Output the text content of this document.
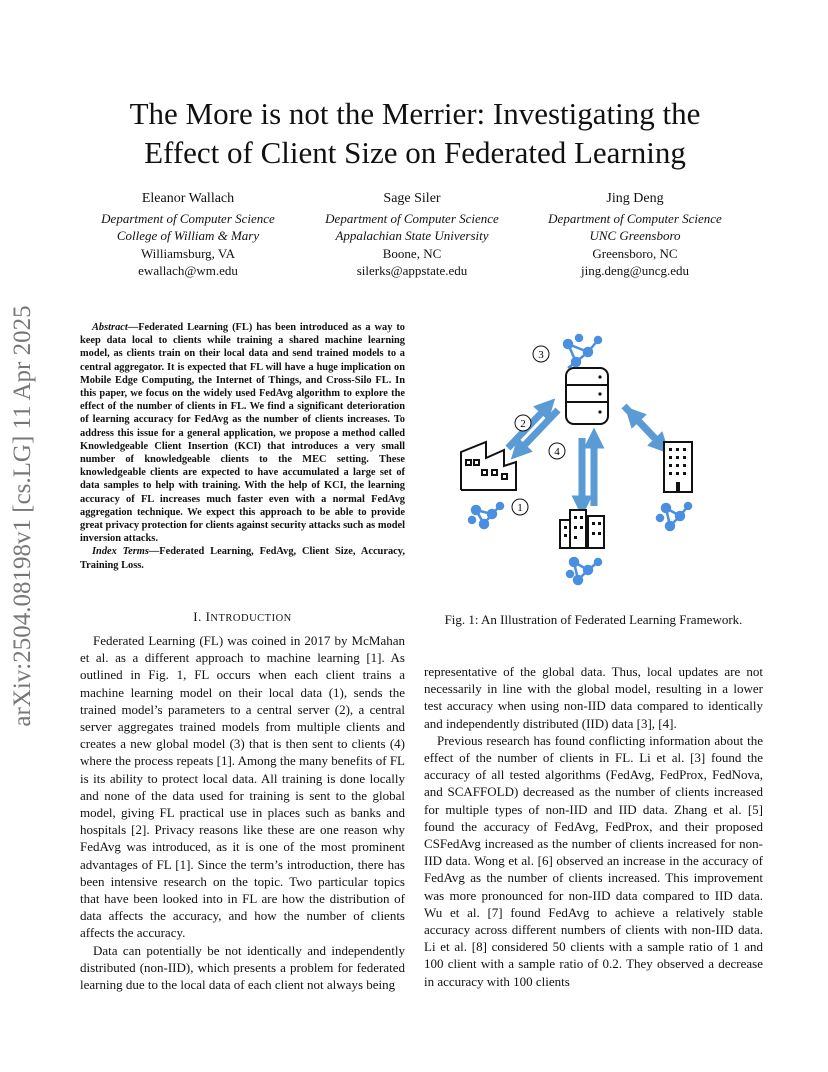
arXiv:2504.08198v1 [cs.LG] 11 Apr 2025
The More is not the Merrier: Investigating the
Effect of Client Size on Federated Learning
Eleanor Wallach
Department of Computer Science
College of William & Mary
Williamsburg, VA
ewallach@wm.edu
Sage Siler
Department of Computer Science
Appalachian State University
Boone, NC
silerks@appstate.edu
Jing Deng
Department of Computer Science
UNC Greensboro
Greensboro, NC
jing.deng@uncg.edu

Abstract—Federated Learning (FL) has been introduced as a way to keep data local to clients while training a shared machine learning model, as clients train on their local data and send trained models to a central aggregator. It is expected that FL will have a huge implication on Mobile Edge Computing, the Internet of Things, and Cross-Silo FL. In this paper, we focus on the widely used FedAvg algorithm to explore the effect of the number of clients in FL. We find a significant deterioration of learning accuracy for FedAvg as the number of clients increases. To address this issue for a general application, we propose a method called Knowledgeable Client Insertion (KCI) that introduces a very small number of knowledgeable clients to the MEC setting. These knowledgeable clients are expected to have accumulated a large set of data samples to help with training. With the help of KCI, the learning accuracy of FL increases much faster even with a normal FedAvg aggregation technique. We expect this approach to be able to provide great privacy protection for clients against security attacks such as model inversion attacks.

Index Terms—Federated Learning, FedAvg, Client Size, Accuracy, Training Loss.

I. INTRODUCTION

Federated Learning (FL) was coined in 2017 by McMahan et al. as a different approach to machine learning [1]. As outlined in Fig. 1, FL occurs when each client trains a machine learning model on their local data (1), sends the trained model’s parameters to a central server (2), a central server aggregates trained models from multiple clients and creates a new global model (3) that is then sent to clients (4) where the process repeats [1]. Among the many benefits of FL is its ability to protect local data. All training is done locally and none of the data used for training is sent to the global model, giving FL practical use in places such as banks and hospitals [2]. Privacy reasons like these are one reason why FedAvg was introduced, as it is one of the most prominent advantages of FL [1]. Since the term’s introduction, there has been intensive research on the topic. Two particular topics that have been looked into in FL are how the distribution of data affects the accuracy, and how the number of clients affects the accuracy.

Data can potentially be not identically and independently distributed (non-IID), which presents a problem for federated learning due to the local data of each client not always being

3
2
4
1
Fig. 1: An Illustration of Federated Learning Framework.

representative of the global data. Thus, local updates are not necessarily in line with the global model, resulting in a lower test accuracy when using non-IID data compared to identically and independently distributed (IID) data [3], [4].

Previous research has found conflicting information about the effect of the number of clients in FL. Li et al. [3] found the accuracy of all tested algorithms (FedAvg, FedProx, FedNova, and SCAFFOLD) decreased as the number of clients increased for multiple types of non-IID and IID data. Zhang et al. [5] found the accuracy of FedAvg, FedProx, and their proposed CSFedAvg increased as the number of clients increased for non-IID data. Wong et al. [6] observed an increase in the accuracy of FedAvg as the number of clients increased. This improvement was more pronounced for non-IID data compared to IID data. Wu et al. [7] found FedAvg to achieve a relatively stable accuracy across different numbers of clients with non-IID data. Li et al. [8] considered 50 clients with a sample ratio of 1 and 100 client with a sample ratio of 0.2. They observed a decrease in accuracy with 100 clients
